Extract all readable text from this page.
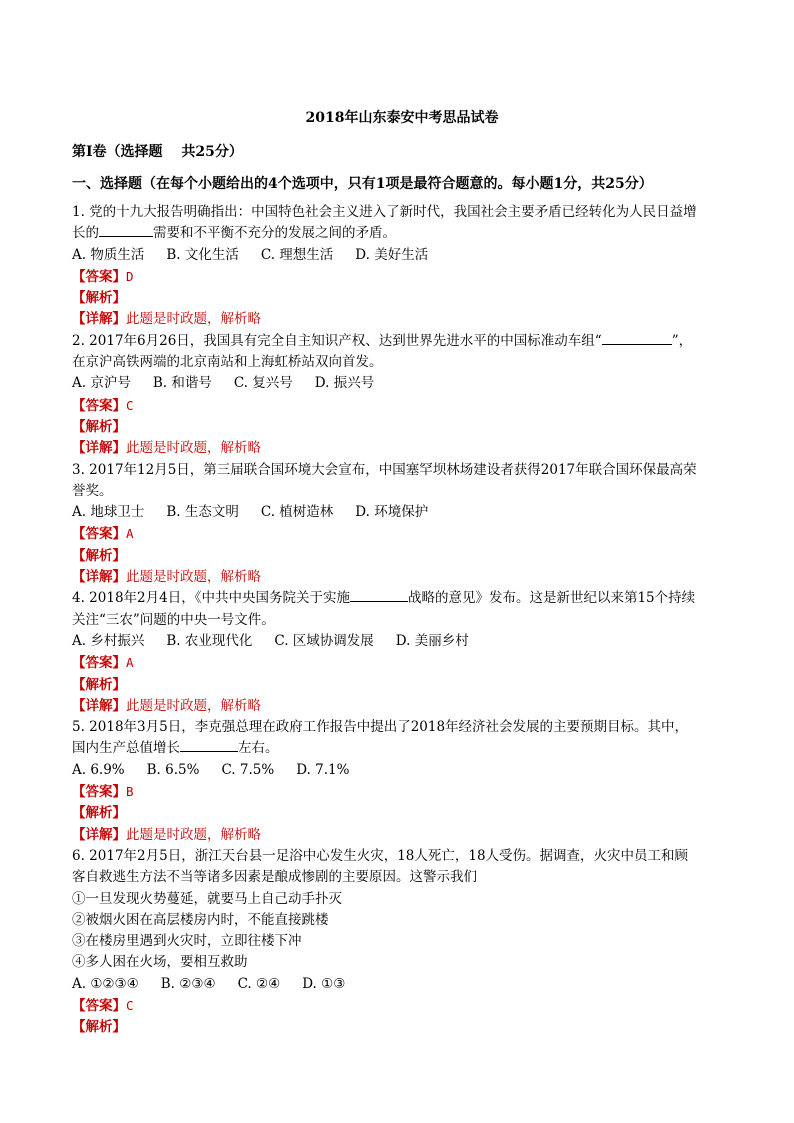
2018年山东泰安中考思品试卷
第I卷（选择题　 共25分）
一、选择题（在每个小题给出的4个选项中，只有1项是最符合题意的。每小题1分，共25分）
1. 党的十九大报告明确指出：中国特色社会主义进入了新时代，我国社会主要矛盾已经转化为人民日益增
长的	需要和不平衡不充分的发展之间的矛盾。
A. 物质生活 B. 文化生活 C. 理想生活 D. 美好生活
【答案】D
【解析】
【详解】此题是时政题，解析略
2. 2017年6月26日，我国具有完全自主知识产权、达到世界先进水平的中国标准动车组“	”，
在京沪高铁两端的北京南站和上海虹桥站双向首发。
A. 京沪号 B. 和谐号 C. 复兴号 D. 振兴号
【答案】C
【解析】
【详解】此题是时政题，解析略
3. 2017年12月5日，第三届联合国环境大会宣布，中国塞罕坝林场建设者获得2017年联合国环保最高荣
誉奖。
A. 地球卫士 B. 生态文明 C. 植树造林 D. 环境保护
【答案】A
【解析】
【详解】此题是时政题，解析略
4. 2018年2月4日，《中共中央国务院关于实施	战略的意见》发布。这是新世纪以来第15个持续
关注“三农”问题的中央一号文件。
A. 乡村振兴 B. 农业现代化 C. 区域协调发展 D. 美丽乡村
【答案】A
【解析】
【详解】此题是时政题，解析略
5. 2018年3月5日，李克强总理在政府工作报告中提出了2018年经济社会发展的主要预期目标。其中，
国内生产总值增长	左右。
A. 6.9% B. 6.5% C. 7.5% D. 7.1%
【答案】B
【解析】
【详解】此题是时政题，解析略
6. 2017年2月5日，浙江天台县一足浴中心发生火灾，18人死亡，18人受伤。据调查，火灾中员工和顾
客自救逃生方法不当等诸多因素是酿成惨剧的主要原因。这警示我们
①一旦发现火势蔓延，就要马上自己动手扑灭
②被烟火困在高层楼房内时，不能直接跳楼
③在楼房里遇到火灾时，立即往楼下冲
④多人困在火场，要相互救助
A. ①②③④ B. ②③④ C. ②④ D. ①③
【答案】C
【解析】
